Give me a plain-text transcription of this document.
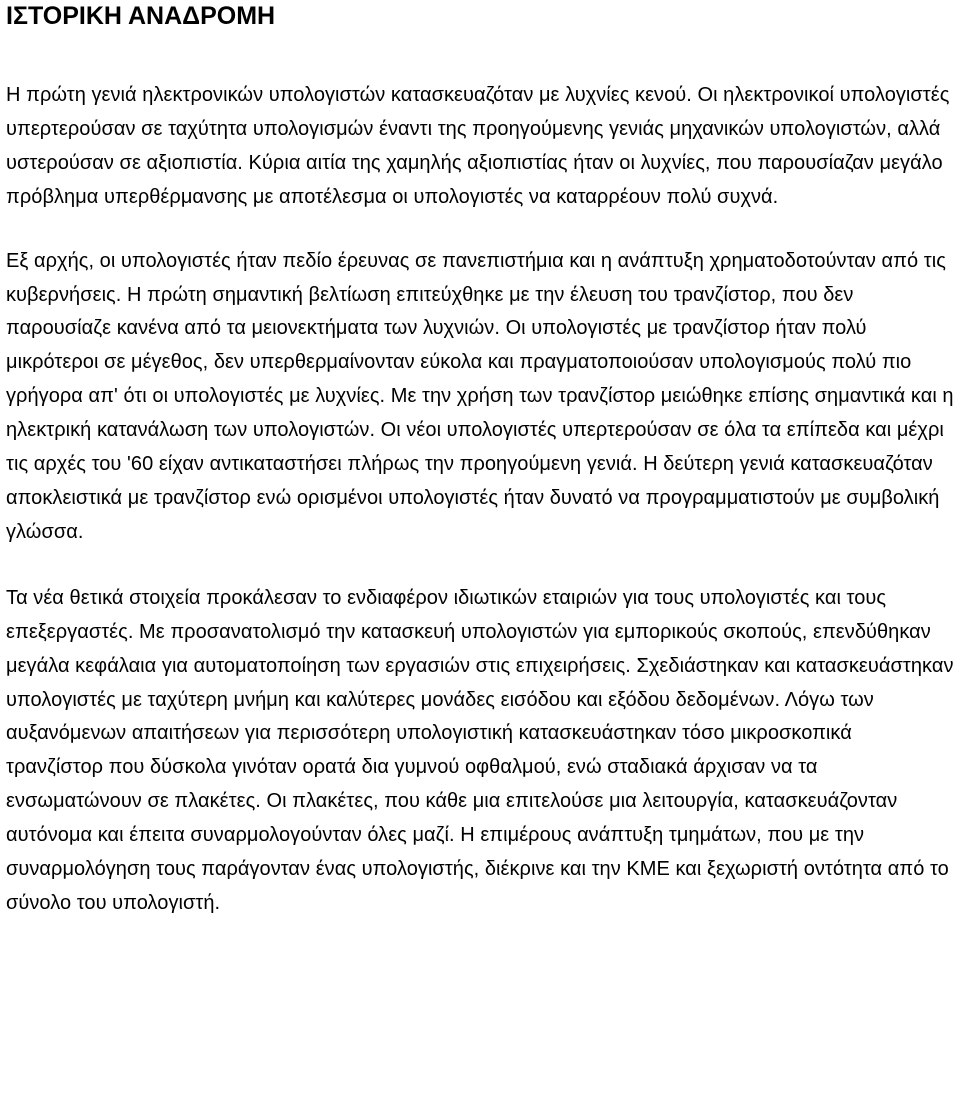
ΙΣΤΟΡΙΚΗ ΑΝΑΔΡΟΜΗ

Η πρώτη γενιά ηλεκτρονικών υπολογιστών κατασκευαζόταν με λυχνίες κενού. Οι ηλεκτρονικοί υπολογιστές υπερτερούσαν σε ταχύτητα υπολογισμών έναντι της προηγούμενης γενιάς μηχανικών υπολογιστών, αλλά υστερούσαν σε αξιοπιστία. Κύρια αιτία της χαμηλής αξιοπιστίας ήταν οι λυχνίες, που παρουσίαζαν μεγάλο πρόβλημα υπερθέρμανσης με αποτέλεσμα οι υπολογιστές να καταρρέουν πολύ συχνά.

Εξ αρχής, οι υπολογιστές ήταν πεδίο έρευνας σε πανεπιστήμια και η ανάπτυξη χρηματοδοτούνταν από τις κυβερνήσεις. Η πρώτη σημαντική βελτίωση επιτεύχθηκε με την έλευση του τρανζίστορ, που δεν παρουσίαζε κανένα από τα μειονεκτήματα των λυχνιών. Οι υπολογιστές με τρανζίστορ ήταν πολύ μικρότεροι σε μέγεθος, δεν υπερθερμαίνονταν εύκολα και πραγματοποιούσαν υπολογισμούς πολύ πιο γρήγορα απ' ότι οι υπολογιστές με λυχνίες. Με την χρήση των τρανζίστορ μειώθηκε επίσης σημαντικά και η ηλεκτρική κατανάλωση των υπολογιστών. Οι νέοι υπολογιστές υπερτερούσαν σε όλα τα επίπεδα και μέχρι τις αρχές του '60 είχαν αντικαταστήσει πλήρως την προηγούμενη γενιά. Η δεύτερη γενιά κατασκευαζόταν αποκλειστικά με τρανζίστορ ενώ ορισμένοι υπολογιστές ήταν δυνατό να προγραμματιστούν με συμβολική γλώσσα.

Τα νέα θετικά στοιχεία προκάλεσαν το ενδιαφέρον ιδιωτικών εταιριών για τους υπολογιστές και τους επεξεργαστές. Με προσανατολισμό την κατασκευή υπολογιστών για εμπορικούς σκοπούς, επενδύθηκαν μεγάλα κεφάλαια για αυτοματοποίηση των εργασιών στις επιχειρήσεις. Σχεδιάστηκαν και κατασκευάστηκαν υπολογιστές με ταχύτερη μνήμη και καλύτερες μονάδες εισόδου και εξόδου δεδομένων. Λόγω των αυξανόμενων απαιτήσεων για περισσότερη υπολογιστική κατασκευάστηκαν τόσο μικροσκοπικά τρανζίστορ που δύσκολα γινόταν ορατά δια γυμνού οφθαλμού, ενώ σταδιακά άρχισαν να τα ενσωματώνουν σε πλακέτες. Οι πλακέτες, που κάθε μια επιτελούσε μια λειτουργία, κατασκευάζονταν αυτόνομα και έπειτα συναρμολογούνταν όλες μαζί. Η επιμέρους ανάπτυξη τμημάτων, που με την συναρμολόγηση τους παράγονταν ένας υπολογιστής, διέκρινε και την ΚΜΕ και ξεχωριστή οντότητα από το σύνολο του υπολογιστή.
